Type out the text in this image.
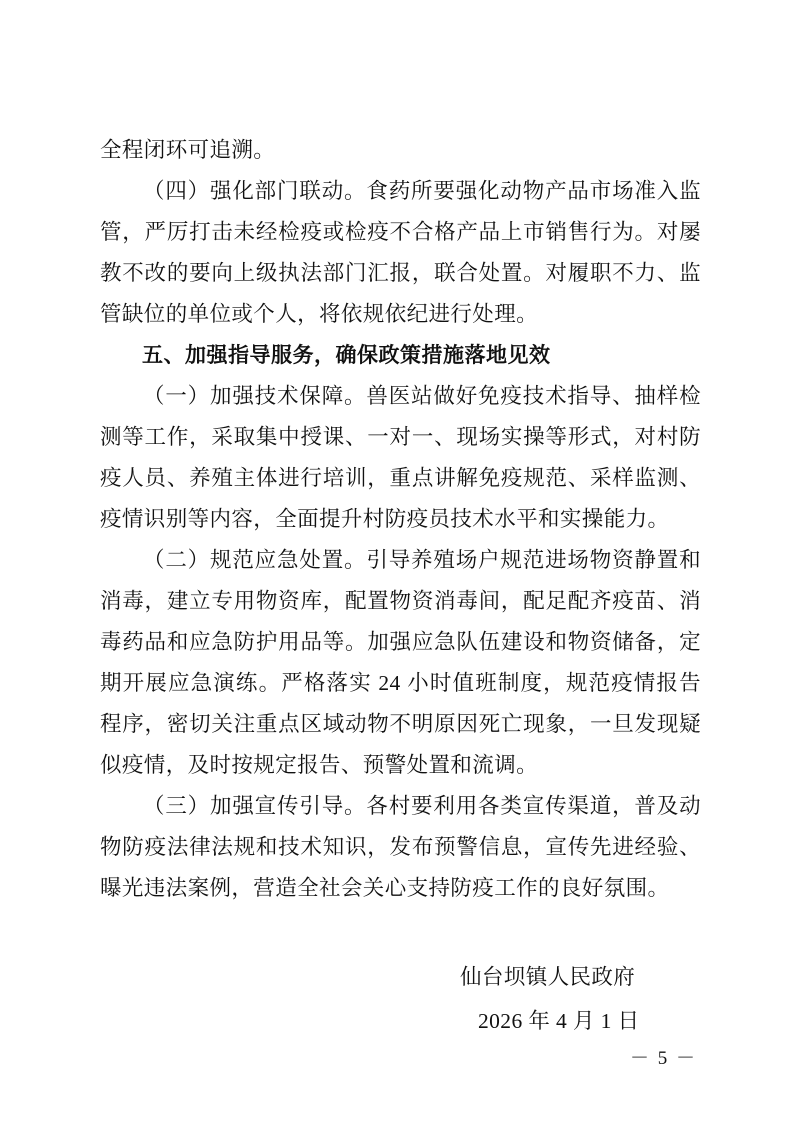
全程闭环可追溯。

（四）强化部门联动。食药所要强化动物产品市场准入监管，严厉打击未经检疫或检疫不合格产品上市销售行为。对屡教不改的要向上级执法部门汇报，联合处置。对履职不力、监管缺位的单位或个人，将依规依纪进行处理。

五、加强指导服务，确保政策措施落地见效

（一）加强技术保障。兽医站做好免疫技术指导、抽样检测等工作，采取集中授课、一对一、现场实操等形式，对村防疫人员、养殖主体进行培训，重点讲解免疫规范、采样监测、疫情识别等内容，全面提升村防疫员技术水平和实操能力。

（二）规范应急处置。引导养殖场户规范进场物资静置和消毒，建立专用物资库，配置物资消毒间，配足配齐疫苗、消毒药品和应急防护用品等。加强应急队伍建设和物资储备，定期开展应急演练。严格落实 24 小时值班制度，规范疫情报告程序，密切关注重点区域动物不明原因死亡现象，一旦发现疑似疫情，及时按规定报告、预警处置和流调。

（三）加强宣传引导。各村要利用各类宣传渠道，普及动物防疫法律法规和技术知识，发布预警信息，宣传先进经验、曝光违法案例，营造全社会关心支持防疫工作的良好氛围。

仙台坝镇人民政府
2026 年 4 月 1 日
－ 5 －
